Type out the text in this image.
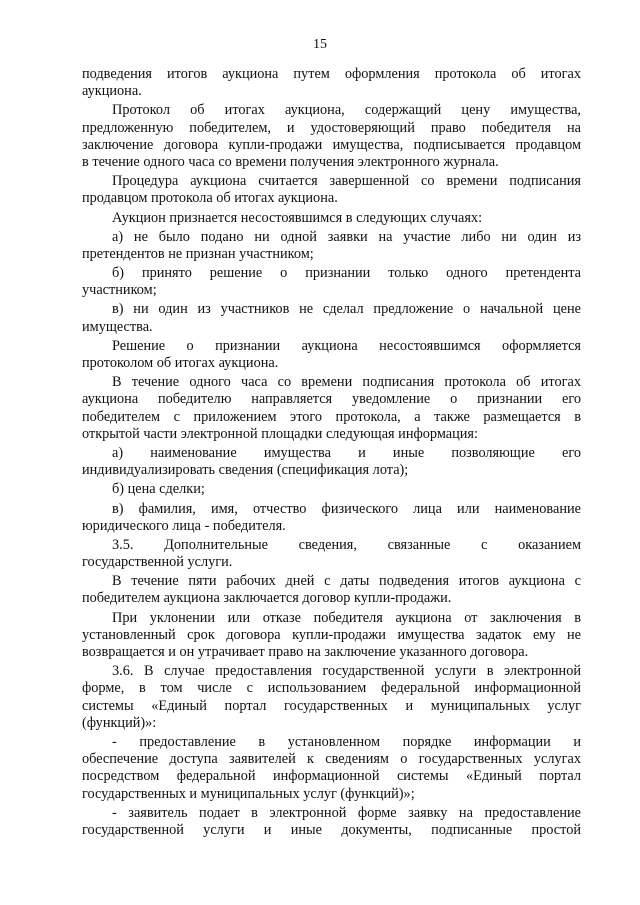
15
подведения итогов аукциона путем оформления протокола об итогах
аукциона.
Протокол об итогах аукциона, содержащий цену имущества,
предложенную победителем, и удостоверяющий право победителя на
заключение договора купли-продажи имущества, подписывается продавцом
в течение одного часа со времени получения электронного журнала.
Процедура аукциона считается завершенной со времени подписания
продавцом протокола об итогах аукциона.
Аукцион признается несостоявшимся в следующих случаях:
а) не было подано ни одной заявки на участие либо ни один из
претендентов не признан участником;
б) принято решение о признании только одного претендента
участником;
в) ни один из участников не сделал предложение о начальной цене
имущества.
Решение о признании аукциона несостоявшимся оформляется
протоколом об итогах аукциона.
В течение одного часа со времени подписания протокола об итогах
аукциона победителю направляется уведомление о признании его
победителем с приложением этого протокола, а также размещается в
открытой части электронной площадки следующая информация:
а) наименование имущества и иные позволяющие его
индивидуализировать сведения (спецификация лота);
б) цена сделки;
в) фамилия, имя, отчество физического лица или наименование
юридического лица - победителя.
3.5. Дополнительные сведения, связанные с оказанием
государственной услуги.
В течение пяти рабочих дней с даты подведения итогов аукциона с
победителем аукциона заключается договор купли-продажи.
При уклонении или отказе победителя аукциона от заключения в
установленный срок договора купли-продажи имущества задаток ему не
возвращается и он утрачивает право на заключение указанного договора.
3.6. В случае предоставления государственной услуги в электронной
форме, в том числе с использованием федеральной информационной
системы «Единый портал государственных и муниципальных услуг
(функций)»:
- предоставление в установленном порядке информации и
обеспечение доступа заявителей к сведениям о государственных услугах
посредством федеральной информационной системы «Единый портал
государственных и муниципальных услуг (функций)»;
- заявитель подает в электронной форме заявку на предоставление
государственной услуги и иные документы, подписанные простой
